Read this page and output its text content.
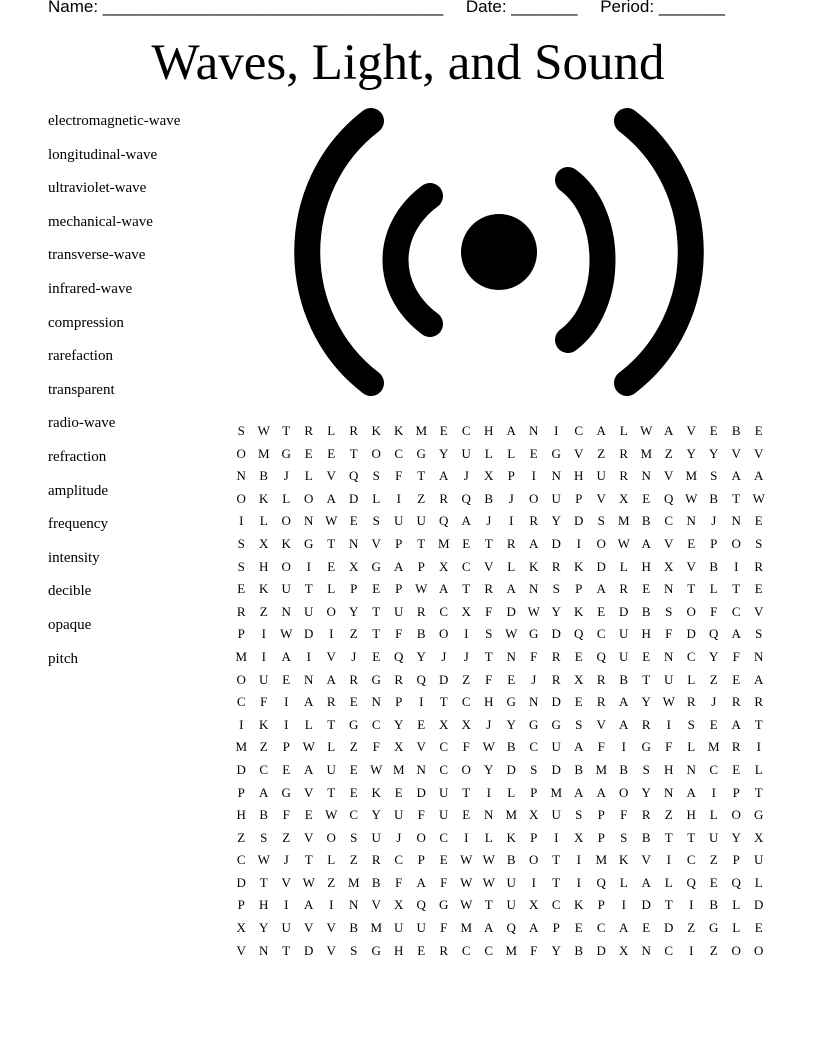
Name: ____________________________________ Date: _______ Period: _______
Waves, Light, and Sound
electromagnetic-wave
longitudinal-wave
ultraviolet-wave
mechanical-wave
transverse-wave
infrared-wave
compression
rarefaction
transparent
radio-wave
refraction
amplitude
frequency
intensity
decible
opaque
pitch
S W T	R	L	R	K	K M E	C	H	A	N	I	C	A	L W A	V	E	B	E
O M G	E	E	T	O	C	G	Y	U	L	L	E	G	V	Z	R M Z	Y	Y	V	V
N	B	J	L	V	Q	S	F	T	A	J	X	P	I	N	H	U	R	N	V M	S	A	A
O	K	L	O	A	D	L	I	Z	R	Q	B	J	O	U	P	V	X	E	Q W B	T W
I	L	O	N W E	S	U	U	Q	A	J	I	R	Y	D	S	M B	C	N	J	N	E
S	X	K	G	T	N	V	P	T M E	T	R	A	D	I	O W A	V	E	P	O	S
S	H	O	I	E	X	G	A	P	X	C	V	L	K	R	K	D	L	H	X	V	B	I	R
E	K	U	T	L	P	E	P W A	T	R	A	N	S	P	A	R	E	N	T	L	T	E
R	Z	N	U	O	Y	T	U	R	C	X	F	D W Y	K	E	D	B	S	O	F	C	V
P	I	W D	I	Z	T	F	B	O	I	S W G	D	Q	C	U	H	F	D	Q	A	S
M	I	A	I	V	J	E	Q	Y	J	J	T	N	F	R	E	Q	U	E	N	C	Y	F	N
O	U	E	N	A	R	G	R	Q	D	Z	F	E	J	R	X	R	B	T	U	L	Z	E	A
C	F	I	A	R	E	N	P	I	T	C	H	G	N	D	E	R	A	Y W R	J	R	R
I	K	I	L	T	G	C	Y	E	X	X	J	Y	G	G	S	V	A	R	I	S	E	A	T
M Z	P W L	Z	F	X	V	C	F W B	C	U	A	F	I	G	F	L M R	I
D	C	E	A	U	E W M N	C	O	Y	D	S	D	B M B	S	H	N	C	E	L
P	A	G	V	T	E	K	E	D	U	T	I	L	P	M A	A	O	Y	N	A	I	P	T
H	B	F	E W C	Y	U	F	U	E	N M X	U	S	P	F	R	Z	H	L	O	G
Z	S	Z	V	O	S	U	J	O	C	I	L	K	P	I	X	P	S	B	T	T	U	Y	X
C W	J	T	L	Z	R	C	P	E W W B	O	T	I	M K	V	I	C	Z	P	U
D	T	V W Z M B	F	A	F W W U	I	T	I	Q	L	A	L	Q	E	Q	L
P	H	I	A	I	N	V	X	Q	G W T	U	X	C	K	P	I	D	T	I	B	L	D
X	Y	U	V	V	B M U	U	F	M A	Q	A	P	E	C	A	E	D	Z	G	L	E
V	N	T	D	V	S	G	H	E	R	C	C M	F	Y	B	D	X	N	C	I	Z	O	O
